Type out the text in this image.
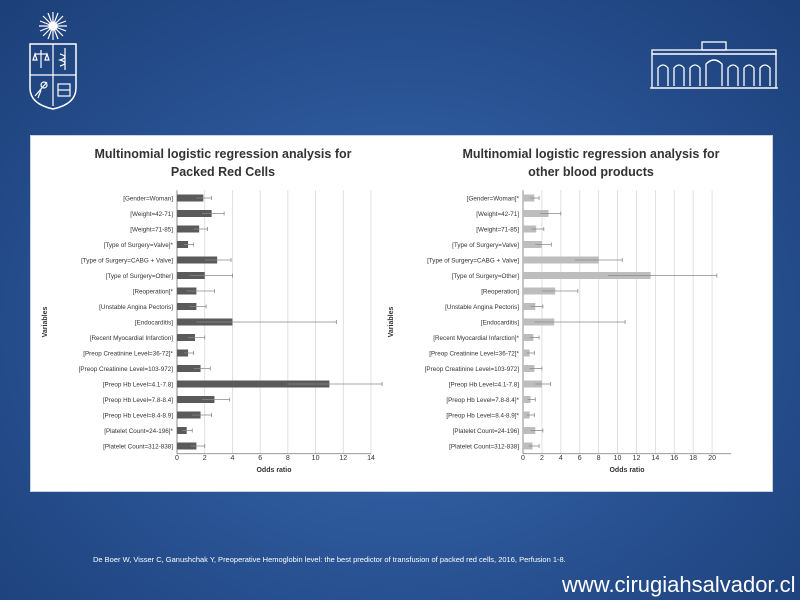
Multinomial logistic regression analysis for
Packed Red Cells
0	2	4	6	8	10	12	14
Odds ratio
Variables
[Gender=Woman]
[Weight=42-71]
[Weight=71-85]
[Type of Surgery=Valve]*
[Type of Surgery=CABG + Valve]
[Type of Surgery=Other]
[Reoperation]*
[Unstable Angina Pectoris]
[Endocarditis]
[Recent Myocardial Infarction]
[Preop Creatinine Level=36-72]*
[Preop Creatinine Level=103-972]
[Preop Hb Level=4.1-7.8]
[Preop Hb Level=7.8-8.4]
[Preop Hb Level=8.4-8.9]
[Platelet Count=24-196]*
[Platelet Count=312-838]
Multinomial logistic regression analysis for
other blood products
0 2 4 6 8 10 12 14 16 18 20
Odds ratio
Variables
[Gender=Woman]*
[Weight=42-71]
[Weight=71-85]
[Type of Surgery=Valve]
[Type of Surgery=CABG + Valve]
[Type of Surgery=Other]
[Reoperation]
[Unstable Angina Pectoris]
[Endocarditis]
[Recent Myocardial Infarction]*
[Preop Creatinine Level=36-72]*
[Preop Creatinine Level=103-972]
[Preop Hb Level=4.1-7.8]
[Preop Hb Level=7.8-8.4]*
[Preop Hb Level=8.4-8.9]*
[Platelet Count=24-196]
[Platelet Count=312-838]
De Boer W, Visser C, Ganushchak Y, Preoperative Hemoglobin level: the best predictor of transfusion of packed red cells, 2016, Perfusion 1-8.
www.cirugiahsalvador.cl
